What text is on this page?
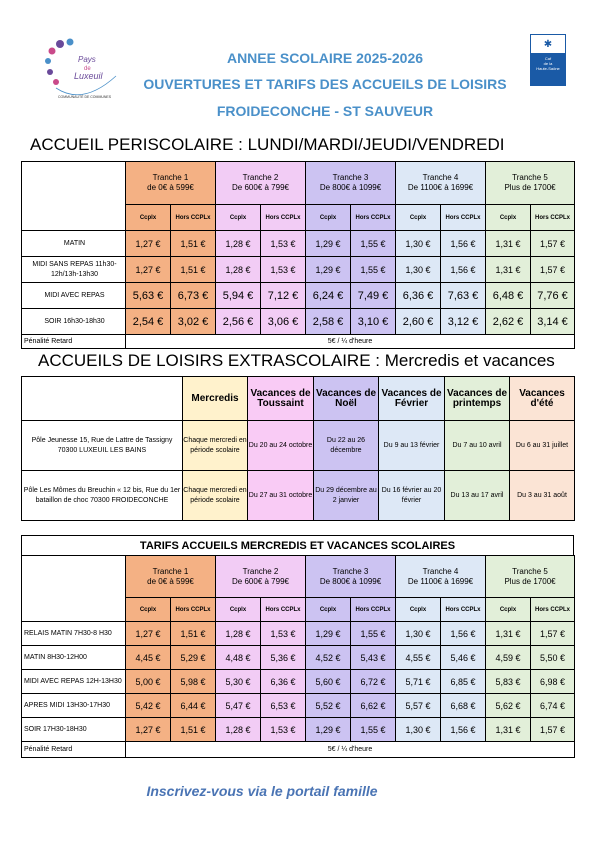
Pays
de
Luxeuil
COMMUNAUTÉ DE COMMUNES
✱
Caf
de la
Haute-Saône
ANNEE SCOLAIRE 2025-2026
OUVERTURES ET TARIFS DES ACCUEILS DE LOISIRS
FROIDECONCHE - ST SAUVEUR
ACCUEIL PERISCOLAIRE : LUNDI/MARDI/JEUDI/VENDREDI
	Tranche 1
de 0€ à 599€		Tranche 2
De 600€ à 799€		Tranche 3
De 800€ à 1099€		Tranche 4
De 1100€ à 1699€		Tranche 5
Plus de 1700€	
	Ccplx	Hors CCPLx	Ccplx	Hors CCPLx	Ccplx	Hors CCPLx	Ccplx	Hors CCPLx	Ccplx	Hors CCPLx
MATIN	1,27 €	1,51 €	1,28 €	1,53 €	1,29 €	1,55 €	1,30 €	1,56 €	1,31 €	1,57 €
MIDI SANS REPAS 11h30-12h/13h-13h30	1,27 €	1,51 €	1,28 €	1,53 €	1,29 €	1,55 €	1,30 €	1,56 €	1,31 €	1,57 €
MIDI AVEC REPAS	5,63 €	6,73 €	5,94 €	7,12 €	6,24 €	7,49 €	6,36 €	7,63 €	6,48 €	7,76 €
SOIR 16h30-18h30	2,54 €	3,02 €	2,56 €	3,06 €	2,58 €	3,10 €	2,60 €	3,12 €	2,62 €	3,14 €
Pénalité Retard	5€ / ¼ d'heure									
ACCUEILS DE LOISIRS EXTRASCOLAIRE : Mercredis et vacances
	Mercredis	Vacances de Toussaint	Vacances de Noël	Vacances de Février	Vacances de printemps	Vacances d'été
Pôle Jeunesse 15, Rue de Lattre de Tassigny 70300 LUXEUIL LES BAINS	Chaque mercredi en période scolaire	Du 20 au 24 octobre	Du 22 au 26 décembre	Du 9 au 13 février	Du 7 au 10 avril	Du 6 au 31 juillet
Pôle Les Mômes du Breuchin « 12 bis, Rue du 1er bataillon de choc 70300 FROIDECONCHE	Chaque mercredi en période scolaire	Du 27 au 31 octobre	Du 29 décembre au 2 janvier	Du 16 février au 20 février	Du 13 au 17 avril	Du 3 au 31 août
TARIFS ACCUEILS MERCREDIS ET VACANCES SCOLAIRES
	Tranche 1
de 0€ à 599€		Tranche 2
De 600€ à 799€		Tranche 3
De 800€ à 1099€		Tranche 4
De 1100€ à 1699€		Tranche 5
Plus de 1700€	
	Ccplx	Hors CCPLx	Ccplx	Hors CCPLx	Ccplx	Hors CCPLx	Ccplx	Hors CCPLx	Ccplx	Hors CCPLx
RELAIS MATIN 7H30-8 H30	1,27 €	1,51 €	1,28 €	1,53 €	1,29 €	1,55 €	1,30 €	1,56 €	1,31 €	1,57 €
MATIN 8H30-12H00	4,45 €	5,29 €	4,48 €	5,36 €	4,52 €	5,43 €	4,55 €	5,46 €	4,59 €	5,50 €
MIDI AVEC REPAS 12H-13H30	5,00 €	5,98 €	5,30 €	6,36 €	5,60 €	6,72 €	5,71 €	6,85 €	5,83 €	6,98 €
APRES MIDI 13H30-17H30	5,42 €	6,44 €	5,47 €	6,53 €	5,52 €	6,62 €	5,57 €	6,68 €	5,62 €	6,74 €
SOIR 17H30-18H30	1,27 €	1,51 €	1,28 €	1,53 €	1,29 €	1,55 €	1,30 €	1,56 €	1,31 €	1,57 €
Pénalité Retard	5€ / ¼ d'heure									
Inscrivez-vous via le portail famille
